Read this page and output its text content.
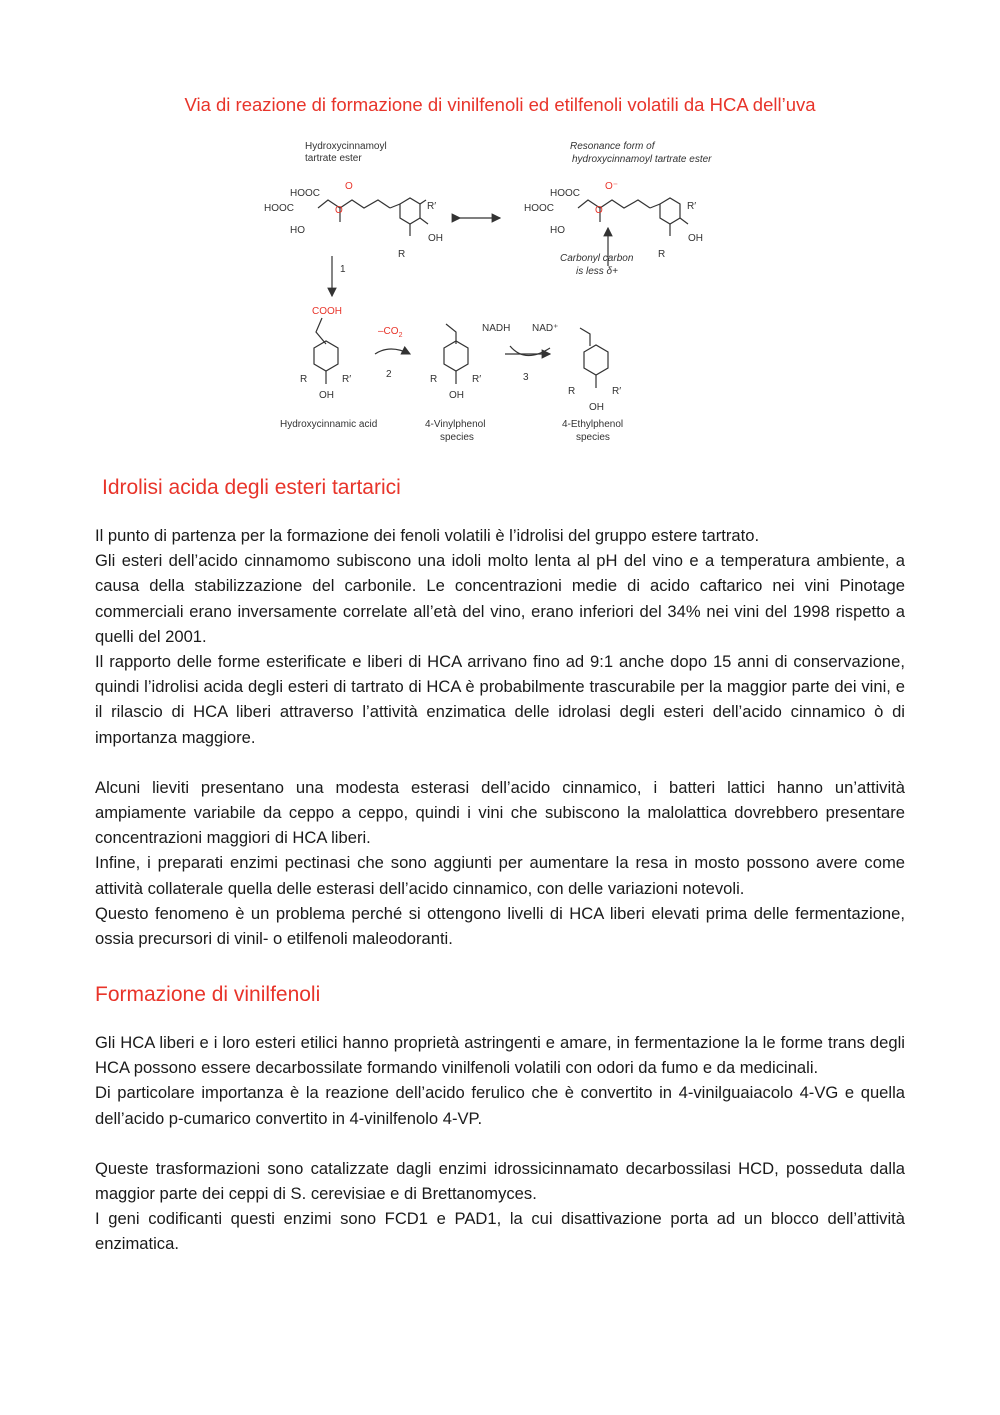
Via di reazione di formazione di vinilfenoli ed etilfenoli volatili da HCA dell’uva
Hydroxycinnamoyl
tartrate ester
HOOC
HOOC
HO
O
O	R′
OH
R
Resonance form of
hydroxycinnamoyl tartrate ester
HOOC
HOOC
HO
O⁻
O	R′
OH
R
Carbonyl carbon
is less δ+
1
COOH
R	R′
OH
Hydroxycinnamic acid
$-CO_2$
2	R	R′
OH
4-Vinylphenol
species
NADH NAD⁺
3
R	R′
OH
4-Ethylphenol
species
Idrolisi acida degli esteri tartarici

Il punto di partenza per la formazione dei fenoli volatili è l’idrolisi del gruppo estere tartrato.

Gli esteri dell’acido cinnamomo subiscono una idoli molto lenta al pH del vino e a temperatura ambiente, a causa della stabilizzazione del carbonile. Le concentrazioni medie di acido caftarico nei vini Pinotage commerciali erano inversamente correlate all’età del vino, erano inferiori del 34% nei vini del 1998 rispetto a quelli del 2001.

Il rapporto delle forme esterificate e liberi di HCA arrivano fino ad 9:1 anche dopo 15 anni di conservazione, quindi l’idrolisi acida degli esteri di tartrato di HCA è probabilmente trascurabile per la maggior parte dei vini, e il rilascio di HCA liberi attraverso l’attività enzimatica delle idrolasi degli esteri dell’acido cinnamico ò di importanza maggiore.

Alcuni lieviti presentano una modesta esterasi dell’acido cinnamico, i batteri lattici hanno un’attività ampiamente variabile da ceppo a ceppo, quindi i vini che subiscono la malolattica dovrebbero presentare concentrazioni maggiori di HCA liberi.

Infine, i preparati enzimi pectinasi che sono aggiunti per aumentare la resa in mosto possono avere come attività collaterale quella delle esterasi dell’acido cinnamico, con delle variazioni notevoli.

Questo fenomeno è un problema perché si ottengono livelli di HCA liberi elevati prima delle fermentazione, ossia precursori di vinil- o etilfenoli maleodoranti.

Formazione di vinilfenoli

Gli HCA liberi e i loro esteri etilici hanno proprietà astringenti e amare, in fermentazione la le forme trans degli HCA possono essere decarbossilate formando vinilfenoli volatili con odori da fumo e da medicinali.

Di particolare importanza è la reazione dell’acido ferulico che è convertito in 4-vinilguaiacolo 4-VG e quella dell’acido p-cumarico convertito in 4-vinilfenolo 4-VP.

Queste trasformazioni sono catalizzate dagli enzimi idrossicinnamato decarbossilasi HCD, posseduta dalla maggior parte dei ceppi di S. cerevisiae e di Brettanomyces.

I geni codificanti questi enzimi sono FCD1 e PAD1, la cui disattivazione porta ad un blocco dell’attività enzimatica.
